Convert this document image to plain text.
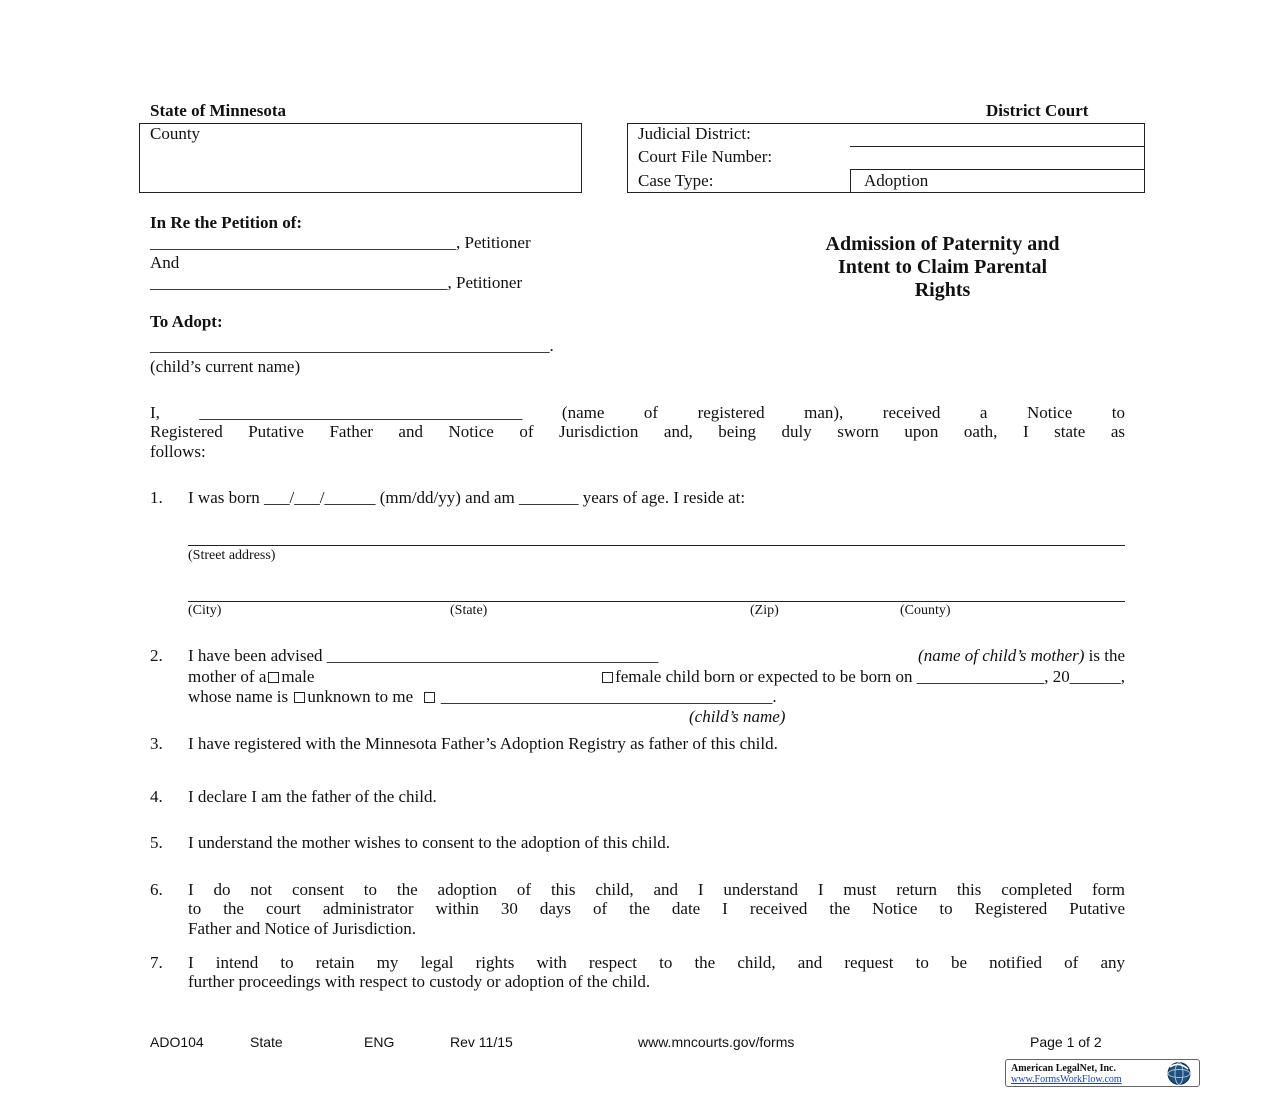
State of Minnesota	District Court
County	Judicial District:
Court File Number:
Case Type:	Adoption
In Re the Petition of:
____________________________________, Petitioner
And
___________________________________, Petitioner
To Adopt:
_______________________________________________.
(child’s current name)
Admission of Paternity and
Intent to Claim Parental
Rights
I, ______________________________________ (name of registered man), received a Notice to
Registered Putative Father and Notice of Jurisdiction and, being duly sworn upon oath, I state as
follows:
1. I was born ___/___/______ (mm/dd/yy) and am _______ years of age. I reside at:
(Street address)
(City)	(State)	(Zip)	(County)
2. I have been advised _______________________________________	(name of child’s mother) is the
mother of a male	female child born or expected to be born on _______________, 20______,
whose name is unknown to me _______________________________________.
(child’s name)
3. I have registered with the Minnesota Father’s Adoption Registry as father of this child.
4. I declare I am the father of the child.
5. I understand the mother wishes to consent to the adoption of this child.
6. I do not consent to the adoption of this child, and I understand I must return this completed form
to the court administrator within 30 days of the date I received the Notice to Registered Putative
Father and Notice of Jurisdiction.
7. I intend to retain my legal rights with respect to the child, and request to be notified of any
further proceedings with respect to custody or adoption of the child.
ADO104	State	ENG	Rev 11/15	www.mncourts.gov/forms	Page 1 of 2
American LegalNet, Inc.
www.FormsWorkFlow.com
